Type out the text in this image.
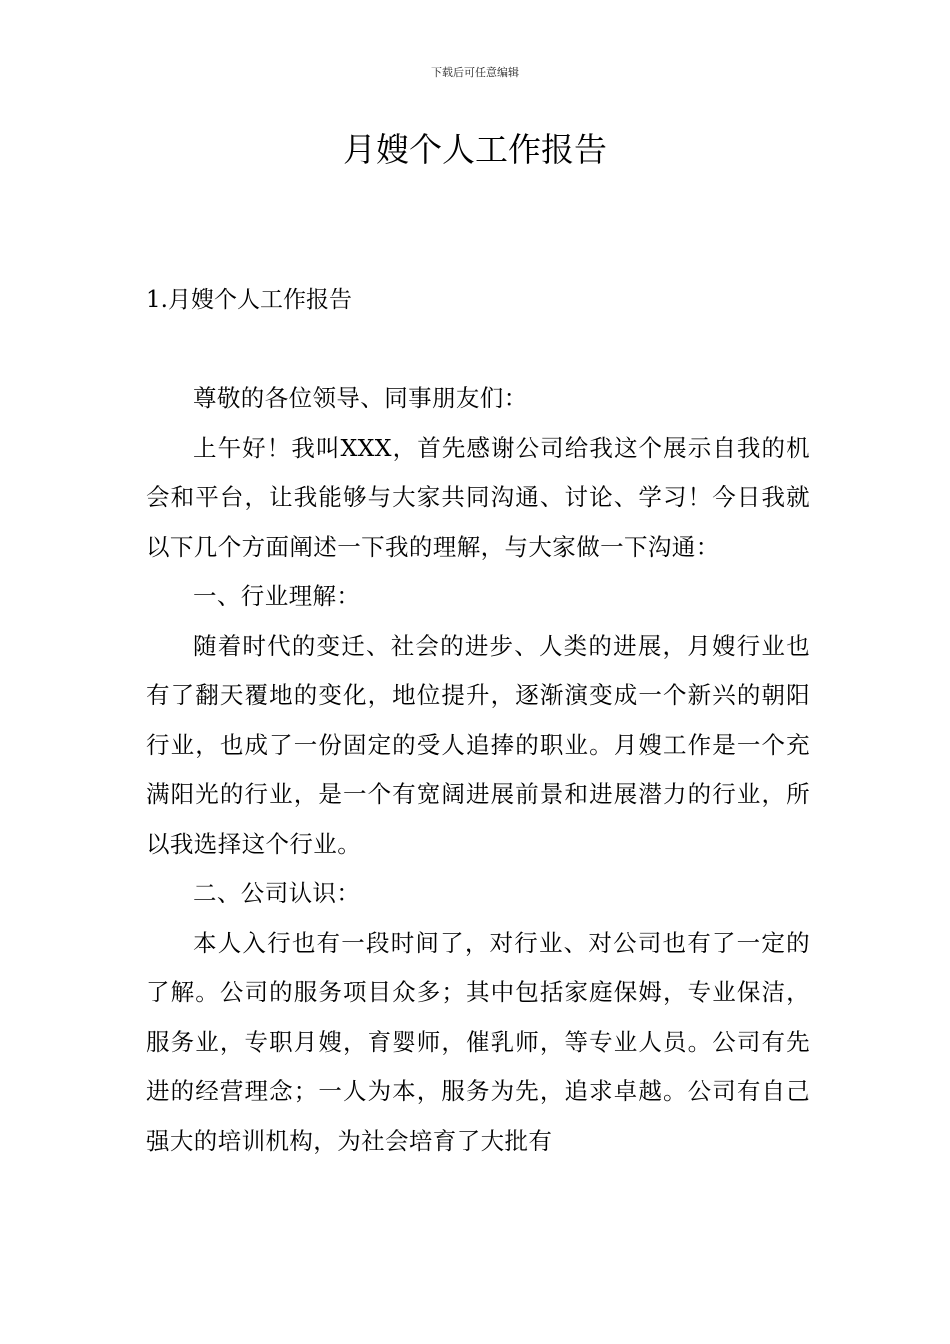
下载后可任意编辑
月嫂个人工作报告
1.月嫂个人工作报告

尊敬的各位领导、同事朋友们：

上午好！我叫XXX，首先感谢公司给我这个展示自我的机会和平台，让我能够与大家共同沟通、讨论、学习！今日我就以下几个方面阐述一下我的理解，与大家做一下沟通：

一、行业理解：

随着时代的变迁、社会的进步、人类的进展，月嫂行业也有了翻天覆地的变化，地位提升，逐渐演变成一个新兴的朝阳行业，也成了一份固定的受人追捧的职业。月嫂工作是一个充满阳光的行业，是一个有宽阔进展前景和进展潜力的行业，所以我选择这个行业。

二、公司认识：

本人入行也有一段时间了，对行业、对公司也有了一定的了解。公司的服务项目众多；其中包括家庭保姆，专业保洁，服务业，专职月嫂，育婴师，催乳师，等专业人员。公司有先进的经营理念；一人为本，服务为先，追求卓越。公司有自己强大的培训机构，为社会培育了大批有
